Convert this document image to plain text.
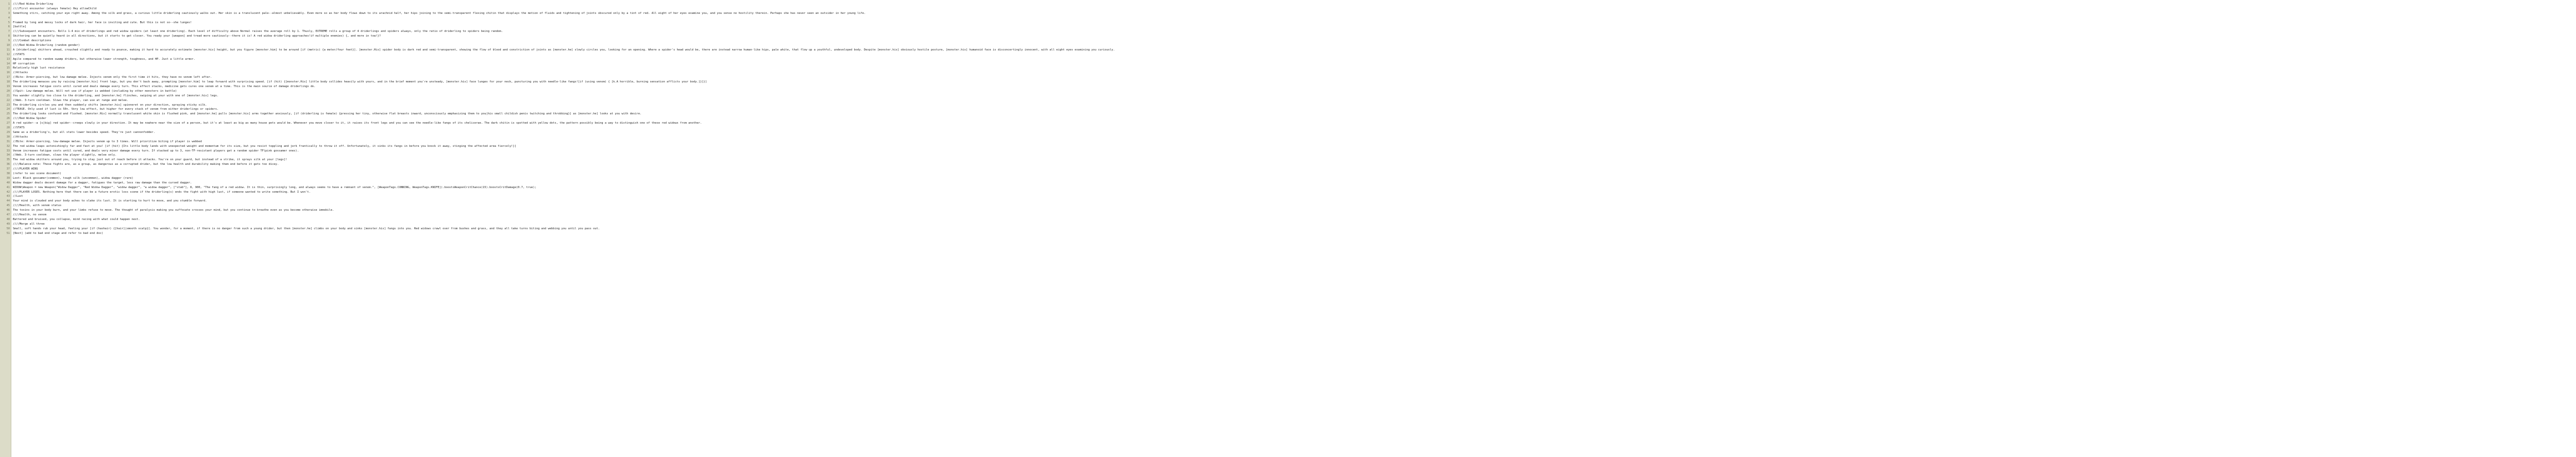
1	////Red Widow Driderling
2	////First encounter (always female) Hey allowChild
3	Something stirs, catching your eye right away. Among the silk and grass, a curious little driderling cautiously walks out. Her skin is a translucent pale--almost unbelievably. Even more so as her body flows down to its arachnid half, her hips joining to the semi-transparent flexing chitin that displays the motion of fluids and tightening of joints obscured only by a tint of red. All eight of her eyes examine you, and you sense no hostility therein. Perhaps she has never seen an outsider in her young life.
4
5	Framed by long and messy locks of dark hair, her face is inviting and cute. But this is not so--she lunges!
6	[battle]
7	////Subsequent encounters. Rolls 1-4 mix of driderlings and red widow spiders (at least one driderling). Each level of difficulty above Normal raises the average roll by 1. Thusly, EXTREME rolls a group of 4 driderlings and spiders always, only the ratio of driderling to spiders being random.
8	Skittering can be quietly heard in all directions, but it starts to get closer. You ready your [weapon] and tread more cautiously--there it is! A red widow driderling approaches!if multiple enemies) {, and more in tow!}?
9	////Combat descriptions
10	////Red Widow Driderling (random gender)
11	A [driderling] skitters ahead, crouched slightly and ready to pounce, making it hard to accurately estimate [monster.his] height, but you figure [monster.him] to be around [if (metric) {a meter/four feet}]. [monster.His] spider body is dark red and semi-transparent, showing the flow of blood and constriction of joints as [monster.he] slowly circles you, looking for an opening. Where a spider's head would be, there are instead narrow human-like hips, pale white, that flow up a youthful, undeveloped body. Despite [monster.his] obviously hostile posture, [monster.his] humanoid face is disconcertingly innocent, with all eight eyes examining you curiously.
12	//STATS
13	Agile compared to random swamp driders, but otherwise lower strength, toughness, and HP. Just a little armor.
14	HP corruption
15	Relatively high lust resistance
16	//Attacks
17	//Bite: Armor-piercing, but low damage melee. Injects venom only the first time it hits, they have no venom left after.
18	The driderling menaces you by raising [monster.his] front legs, but you don't back away, prompting [monster.him] to leap forward with surprising speed. [if (hit) {[monster.His] little body collides heavily with yours, and in the brief moment you're unsteady, [monster.his] face lunges for your neck, puncturing you with needle-like fangs![if (using venom) { [k.A horrible, burning sensation afflicts your body.]}]}]
19	Venom increases fatigue costs until cured and deals damage every turn. This effect stacks, medicine gets cures one venom at a time. This is the main source of damage driderlings do.
20	//Spit: Low-damage melee. Will not use if player is webbed (including by other monsters in battle)
21	You wander slightly too close to the driderling, and [monster.he] flinches, swiping at your with one of [monster.his] legs.
22	//Web. 3-turn cooldown. Slows the player, can use at range and melee.
23	The driderling circles you and then suddenly shifts [monster.his] spinneret on your direction, spraying sticky silk.
24	//TEASE. Only used if lust is 50+. Very low effect, but higher for every stack of venom from either driderlings or spiders.
25	The driderling looks confused and flushed. [monster.His] normally translucent white skin is flushed pink, and [monster.he] pulls [monster.his] arms together anxiously, [if (driderling is female) {pressing her tiny, otherwise flat breasts inward, unconsciously emphasizing them to you|his small childish penis twitching and throbbing}] as [monster.he] looks at you with desire.
26	////Red Widow Spider
27	A red spider--a [s|big] red spider--creeps slowly in your direction. It may be nowhere near the size of a person, but it's at least as big as many house pets would be. Whenever you move closer to it, it raises its front legs and you can see the needle-like fangs of its chelicerae. The dark chitin is spotted with yellow dots, the pattern possibly being a way to distinguish one of these red widows from another.
28	//STATS
29	Same as a driderling's, but all stats lower besides speed. They're just cannonfodder.
30	//Attacks
31	//Bite: Armor-piercing, low-damage melee. Injects venom up to 3 times. Will prioritize biting if player is webbed
32	The red widow leaps astonishingly far and fast at you! [if (hit) {Its little body lands with unexpected weight and momentum for its size, but you resist toppling and jerk frantically to throw it off. Unfortunately, it sinks its fangs in before you knock it away, stinging the affected area fiercely!}]
33	Venom increases fatigue costs until cured, and deals very minor damage every turn. If stacked up to 3, non-TF-resistant players get a random spider TF(pink gossamer ones).
34	//Web. 3-turn cooldown, slows the player slightly, melee only.
35	The red widow skitters around you, trying to stay just out of reach before it attacks. You're on your guard, but instead of a strike, it sprays silk at your [legs]!
36	////Balance note: These fights are, as a group, as dangerous as a corrupted drider, but the low health and durability making them end before it gets too dicey.
37	////PLAYER WINS
38	(refer to sex scene document)
39	Loot: Black gossamer(common), tough silk (uncommon), widow dagger (rare)
40	Widow dagger deals decent damage for a dagger, fatigues the target, less raw damage than the cursed dagger.
41	WIDOW\Weapon = new Weapon("Widow Dagger", "Red Widow Dagger", "widow dagger", "a widow dagger", ["stab"], 8, 900, "The fang of a red widow. It is thin, surprisingly long, and always seems to have a remnant of venom.", [WeaponTags.CUNNING, WeaponTags.KNIFE]).boostsWeaponCritChance(15).boostsCritDamage(0.7, true);
42	////PLAYER LOSES. Nothing here that there can be a future erotic loss scene if the driderling(s) ends the fight with high lust, if someone wanted to write something. But I won't.
43	//Lust
44	Your mind is clouded and your body aches to slake its lust. It is starting to hurt to move, and you stumble forward.
45	////Health, with venom status
46	The toxins in your body burn, and your limbs refuse to move. The thought of paralysis making you suffocate crosses your mind, but you continue to breathe even as you become otherwise immobile.
47	////Health, no venom
48	Battered and bruised, you collapse, mind racing with what could happen next.
49	////Merge all three
50	Small, soft hands rub your head, feeling your [if (hashair) {[hair]|smooth scalp}]. You wonder, for a moment, if there is no danger from such a young drider, but then [monster.he] climbs on your body and sinks [monster.his] fangs into you. Red widows crawl over from bushes and grass, and they all take turns biting and webbing you until you pass out.
51	[Next] (add to bad end stage and refer to bad end doc)
